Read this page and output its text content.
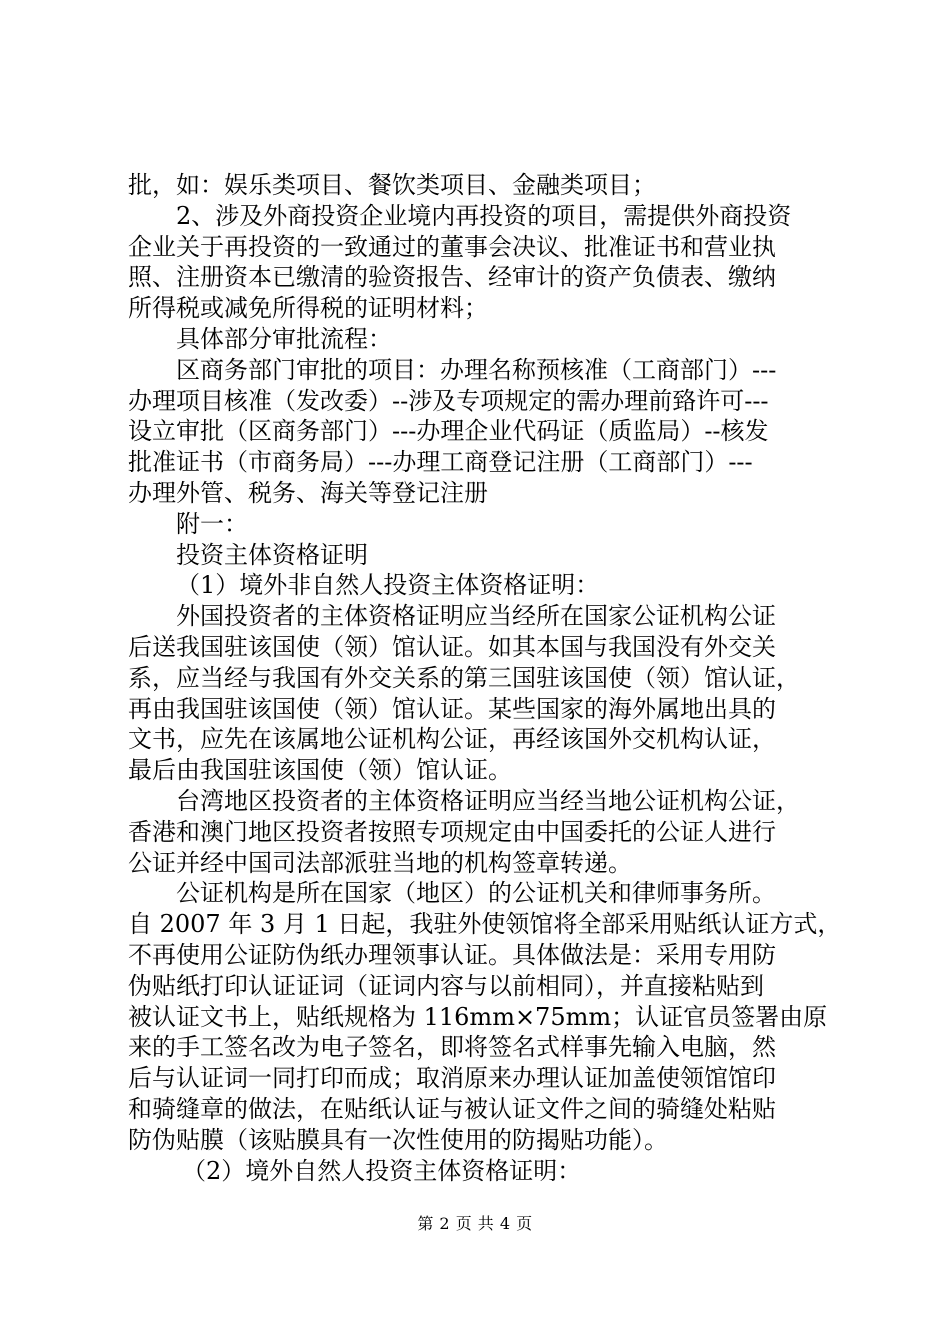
批，如：娱乐类项目、餐饮类项目、金融类项目；
2、涉及外商投资企业境内再投资的项目，需提供外商投资
企业关于再投资的一致通过的董事会决议、批准证书和营业执
照、注册资本已缴清的验资报告、经审计的资产负债表、缴纳
所得税或减免所得税的证明材料；
具体部分审批流程：
区商务部门审批的项目：办理名称预核准（工商部门）---
办理项目核准（发改委）--涉及专项规定的需办理前臵许可---
设立审批（区商务部门）---办理企业代码证（质监局）--核发
批准证书（市商务局）---办理工商登记注册（工商部门）---
办理外管、税务、海关等登记注册
附一：
投资主体资格证明
（1）境外非自然人投资主体资格证明：
外国投资者的主体资格证明应当经所在国家公证机构公证
后送我国驻该国使（领）馆认证。如其本国与我国没有外交关
系，应当经与我国有外交关系的第三国驻该国使（领）馆认证，
再由我国驻该国使（领）馆认证。某些国家的海外属地出具的
文书，应先在该属地公证机构公证，再经该国外交机构认证，
最后由我国驻该国使（领）馆认证。
台湾地区投资者的主体资格证明应当经当地公证机构公证，
香港和澳门地区投资者按照专项规定由中国委托的公证人进行
公证并经中国司法部派驻当地的机构签章转递。
公证机构是所在国家（地区）的公证机关和律师事务所。
自 2007 年 3 月 1 日起，我驻外使领馆将全部采用贴纸认证方式，
不再使用公证防伪纸办理领事认证。具体做法是：采用专用防
伪贴纸打印认证证词（证词内容与以前相同），并直接粘贴到
被认证文书上，贴纸规格为 116mm×75mm；认证官员签署由原
来的手工签名改为电子签名，即将签名式样事先输入电脑，然
后与认证词一同打印而成；取消原来办理认证加盖使领馆馆印
和骑缝章的做法，在贴纸认证与被认证文件之间的骑缝处粘贴
防伪贴膜（该贴膜具有一次性使用的防揭贴功能）。
（2）境外自然人投资主体资格证明：
第 2 页 共 4 页
